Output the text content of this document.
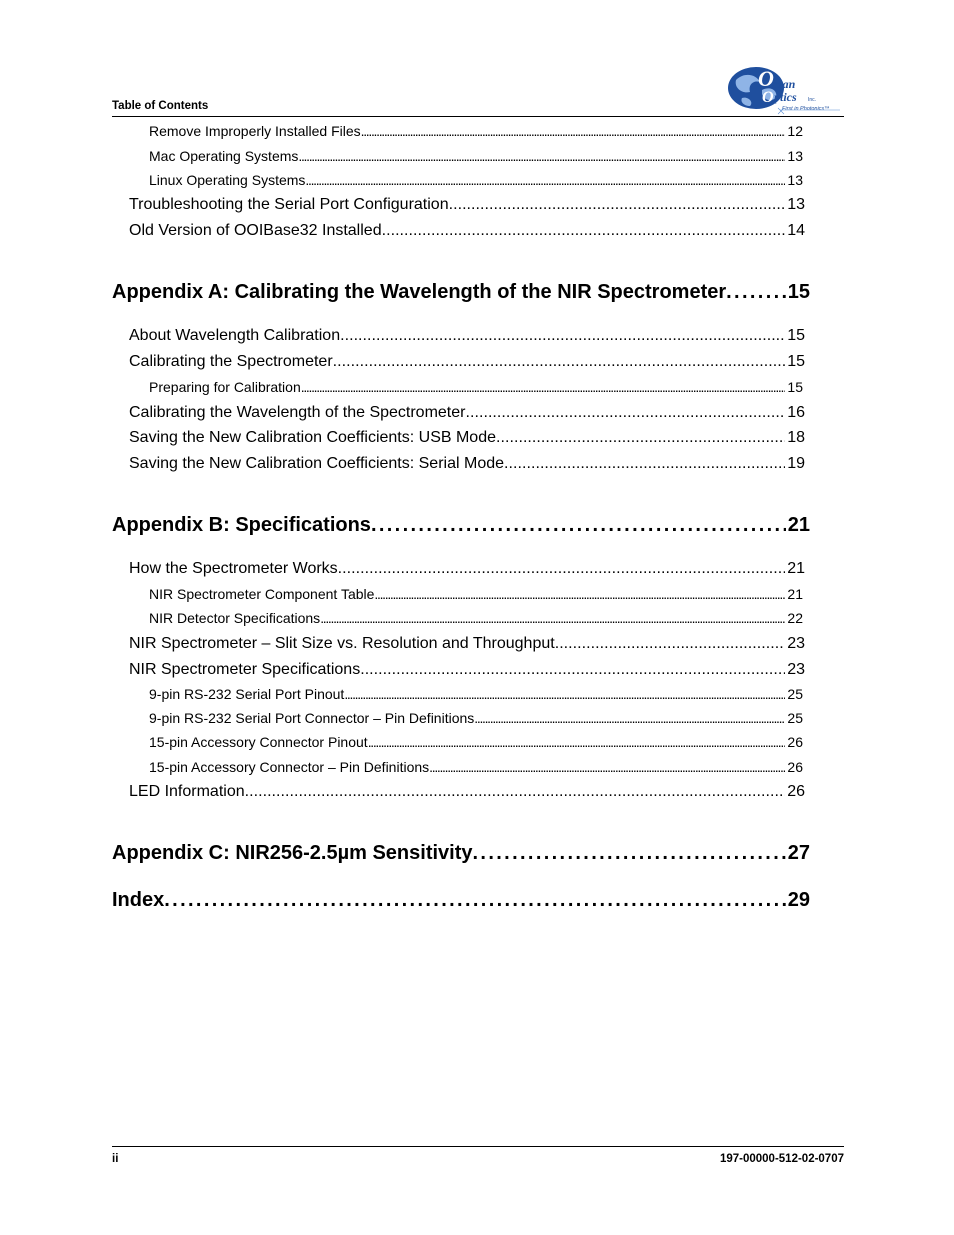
Table of Contents
O
cean
O ptics Inc.
First in Photonics™
Remove Improperly Installed Files . . .	12
Mac Operating Systems . . .	13
Linux Operating Systems . . .	13
Troubleshooting the Serial Port Configuration . . .	13
Old Version of OOIBase32 Installed . . .	14
Appendix A: Calibrating the Wavelength of the NIR Spectrometer . . .	15
About Wavelength Calibration . . .	15
Calibrating the Spectrometer . . .	15
Preparing for Calibration . . .	15
Calibrating the Wavelength of the Spectrometer . . .	16
Saving the New Calibration Coefficients: USB Mode . . .	18
Saving the New Calibration Coefficients: Serial Mode . . .	19
Appendix B: Specifications . . .	21
How the Spectrometer Works . . .	21
NIR Spectrometer Component Table . . .	21
NIR Detector Specifications . . .	22
NIR Spectrometer – Slit Size vs. Resolution and Throughput . . .	23
NIR Spectrometer Specifications . . .	23
9-pin RS-232 Serial Port Pinout . . .	25
9-pin RS-232 Serial Port Connector – Pin Definitions . . .	25
15-pin Accessory Connector Pinout . . .	26
15-pin Accessory Connector – Pin Definitions . . .	26
LED Information . . .	26
Appendix C: NIR256-2.5µm Sensitivity . . .	27
Index . . .	29
ii	197-00000-512-02-0707
